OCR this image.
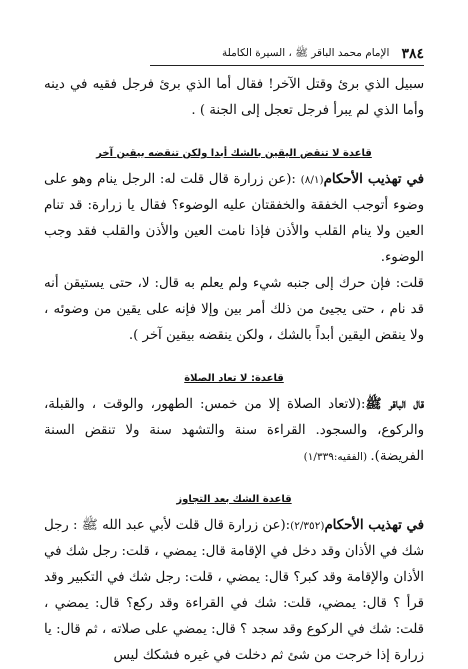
٣٨٤
الإمام محمد الباقر ﷺ ، السيرة الكاملة

سبيل الذي برئ وقتل الآخر! فقال أما الذي برئ فرجل فقيه في دينه وأما الذي لم يبرأ فرجل تعجل إلى الجنة ) .

قاعدة لا تنقض اليقين بالشك أبدا ولكن تنقضه بيقين آخر

في تهذيب الأحكام(٨/١) :(عن زرارة قال قلت له: الرجل ينام وهو على وضوء أتوجب الخفقة والخفقتان عليه الوضوء؟ فقال يا زرارة: قد تنام العين ولا ينام القلب والأذن فإذا نامت العين والأذن والقلب فقد وجب الوضوء.

قلت: فإن حرك إلى جنبه شيء ولم يعلم به قال: لا، حتى يستيقن أنه قد نام ، حتى يجيئ من ذلك أمر بين وإلا فإنه على يقين من وضوئه ، ولا ينقض اليقين أبداً بالشك ، ولكن ينقضه بيقين آخر ).

قاعدة: لا تعاد الصلاة

قال الباقر ﷺ:(لاتعاد الصلاة إلا من خمس: الطهور، والوقت ، والقبلة، والركوع، والسجود. القراءة سنة والتشهد سنة ولا تنقض السنة الفريضة). (الفقيه:١/٣٣٩)

قاعدة الشك بعد التجاوز

في تهذيب الأحكام(٢/٣٥٢):(عن زرارة قال قلت لأبي عبد الله ﷺ : رجل شك في الأذان وقد دخل في الإقامة قال: يمضي ، قلت: رجل شك في الأذان والإقامة وقد كبر؟ قال: يمضي ، قلت: رجل شك في التكبير وقد قرأ ؟ قال: يمضي، قلت: شك في القراءة وقد ركع؟ قال: يمضي ، قلت: شك في الركوع وقد سجد ؟ قال: يمضي على صلاته ، ثم قال: يا زرارة إذا خرجت من شئ ثم دخلت في غيره فشكك ليس
